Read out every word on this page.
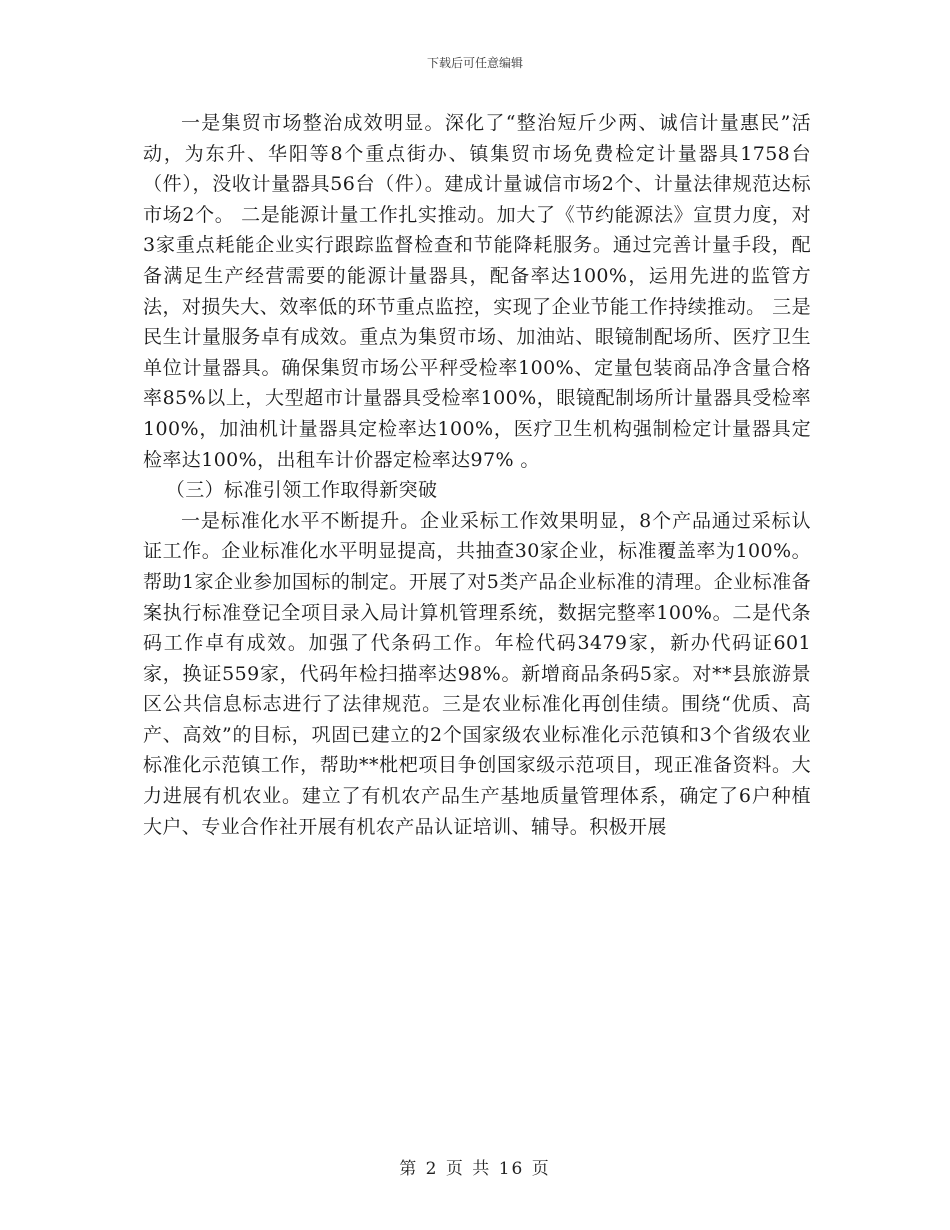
下载后可任意编辑

一是集贸市场整治成效明显。深化了“整治短斤少两、诚信计量惠民”活动，为东升、华阳等8个重点街办、镇集贸市场免费检定计量器具1758台（件），没收计量器具56台（件）。建成计量诚信市场2个、计量法律规范达标市场2个。 二是能源计量工作扎实推动。加大了《节约能源法》宣贯力度，对3家重点耗能企业实行跟踪监督检查和节能降耗服务。通过完善计量手段，配备满足生产经营需要的能源计量器具，配备率达100%，运用先进的监管方法，对损失大、效率低的环节重点监控，实现了企业节能工作持续推动。 三是民生计量服务卓有成效。重点为集贸市场、加油站、眼镜制配场所、医疗卫生单位计量器具。确保集贸市场公平秤受检率100%、定量包装商品净含量合格率85%以上，大型超市计量器具受检率100%，眼镜配制场所计量器具受检率100%，加油机计量器具定检率达100%，医疗卫生机构强制检定计量器具定检率达100%，出租车计价器定检率达97% 。

（三）标准引领工作取得新突破

一是标准化水平不断提升。企业采标工作效果明显，8个产品通过采标认证工作。企业标准化水平明显提高，共抽查30家企业，标准覆盖率为100%。帮助1家企业参加国标的制定。开展了对5类产品企业标准的清理。企业标准备案执行标准登记全项目录入局计算机管理系统，数据完整率100%。二是代条码工作卓有成效。加强了代条码工作。年检代码3479家，新办代码证601家，换证559家，代码年检扫描率达98%。新增商品条码5家。对**县旅游景区公共信息标志进行了法律规范。三是农业标准化再创佳绩。围绕“优质、高产、高效”的目标，巩固已建立的2个国家级农业标准化示范镇和3个省级农业标准化示范镇工作，帮助**枇杷项目争创国家级示范项目，现正准备资料。大力进展有机农业。建立了有机农产品生产基地质量管理体系，确定了6户种植大户、专业合作社开展有机农产品认证培训、辅导。积极开展

第 2 页 共 16 页
